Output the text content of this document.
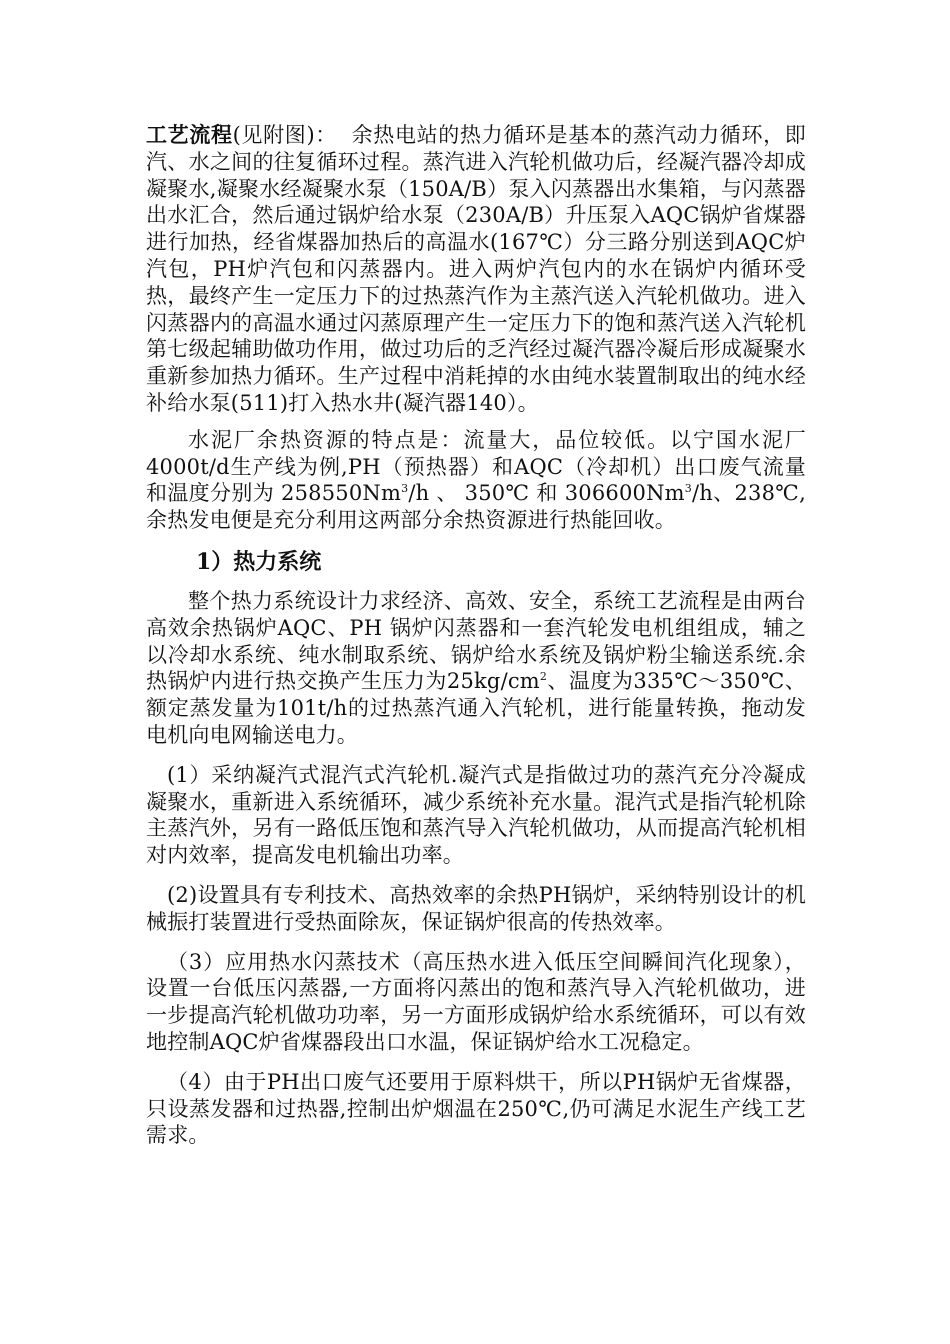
工艺流程(见附图)： 余热电站的热力循环是基本的蒸汽动力循环，即汽、水之间的往复循环过程。蒸汽进入汽轮机做功后，经凝汽器冷却成凝聚水,凝聚水经凝聚水泵（150A/B）泵入闪蒸器出水集箱，与闪蒸器出水汇合，然后通过锅炉给水泵（230A/B）升压泵入AQC锅炉省煤器进行加热，经省煤器加热后的高温水(167℃）分三路分别送到AQC炉汽包，PH炉汽包和闪蒸器内。进入两炉汽包内的水在锅炉内循环受热，最终产生一定压力下的过热蒸汽作为主蒸汽送入汽轮机做功。进入闪蒸器内的高温水通过闪蒸原理产生一定压力下的饱和蒸汽送入汽轮机第七级起辅助做功作用，做过功后的乏汽经过凝汽器冷凝后形成凝聚水重新参加热力循环。生产过程中消耗掉的水由纯水装置制取出的纯水经补给水泵(511)打入热水井(凝汽器140）。

水泥厂余热资源的特点是：流量大，品位较低。以宁国水泥厂4000t/d生产线为例,PH（预热器）和AQC（冷却机）出口废气流量和温度分别为 258550Nm$^3$/h 、 350℃ 和 306600Nm$^3$/h、238℃,余热发电便是充分利用这两部分余热资源进行热能回收。

1）热力系统

整个热力系统设计力求经济、高效、安全，系统工艺流程是由两台高效余热锅炉AQC、PH 锅炉闪蒸器和一套汽轮发电机组组成，辅之以冷却水系统、纯水制取系统、锅炉给水系统及锅炉粉尘输送系统.余热锅炉内进行热交换产生压力为$25kg/cm^2$、温度为335℃～350℃、额定蒸发量为101t/h的过热蒸汽通入汽轮机，进行能量转换，拖动发电机向电网输送电力。

(1）采纳凝汽式混汽式汽轮机.凝汽式是指做过功的蒸汽充分冷凝成凝聚水，重新进入系统循环，减少系统补充水量。混汽式是指汽轮机除主蒸汽外，另有一路低压饱和蒸汽导入汽轮机做功，从而提高汽轮机相对内效率，提高发电机输出功率。

(2)设置具有专利技术、高热效率的余热PH锅炉，采纳特别设计的机械振打装置进行受热面除灰，保证锅炉很高的传热效率。

（3）应用热水闪蒸技术（高压热水进入低压空间瞬间汽化现象），设置一台低压闪蒸器,一方面将闪蒸出的饱和蒸汽导入汽轮机做功，进一步提高汽轮机做功功率，另一方面形成锅炉给水系统循环，可以有效地控制AQC炉省煤器段出口水温，保证锅炉给水工况稳定。

（4）由于PH出口废气还要用于原料烘干，所以PH锅炉无省煤器，只设蒸发器和过热器,控制出炉烟温在250℃,仍可满足水泥生产线工艺需求。
